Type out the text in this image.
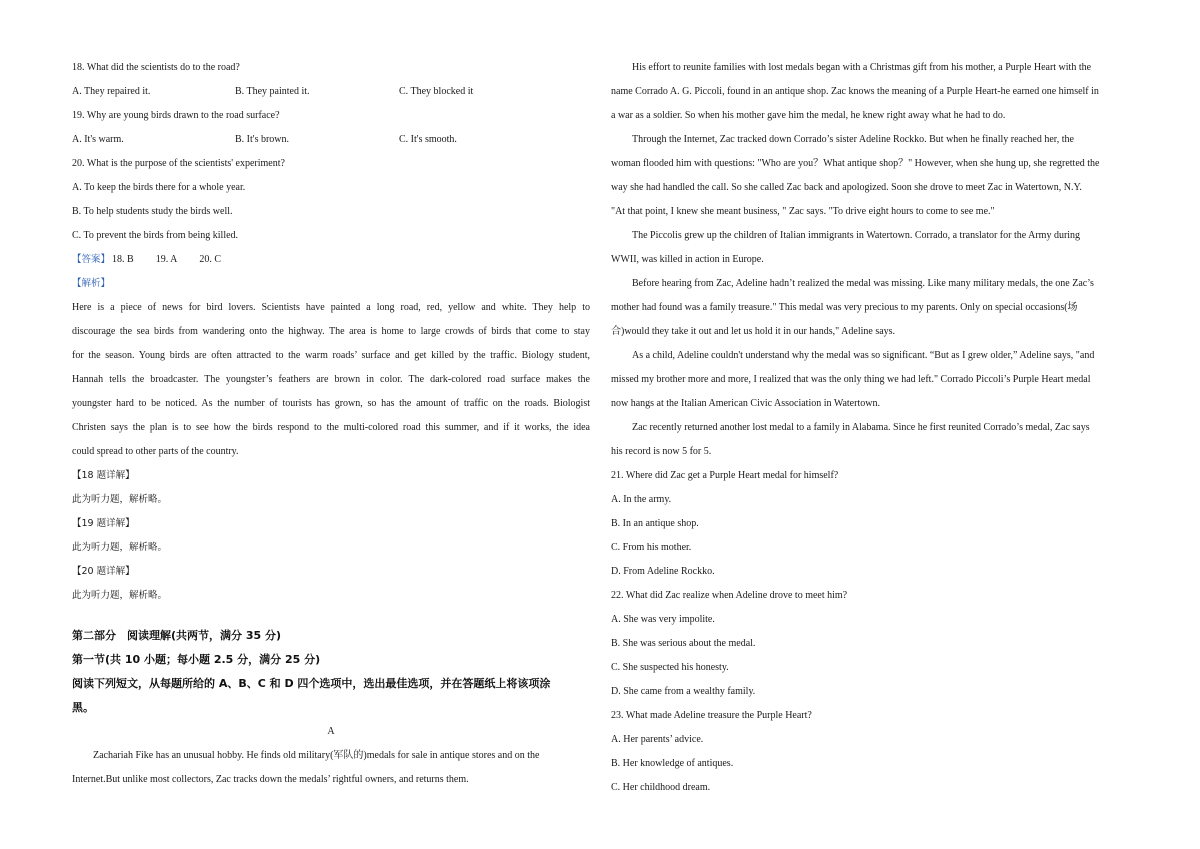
18. What did the scientists do to the road?
A. They repaired it.	B. They painted it.	C. They blocked it
19. Why are young birds drawn to the road surface?
A. It's warm.	B. It's brown.	C. It's smooth.
20. What is the purpose of the scientists' experiment?
A. To keep the birds there for a whole year.
B. To help students study the birds well.
C. To prevent the birds from being killed.
【答案】 18. B 19. A 20. C
【解析】
Here is a piece of news for bird lovers. Scientists have painted a long road, red, yellow and white. They help to
discourage the sea birds from wandering onto the highway. The area is home to large crowds of birds that come to stay
for the season. Young birds are often attracted to the warm roads’ surface and get killed by the traffic. Biology student,
Hannah tells the broadcaster. The youngster’s feathers are brown in color. The dark-colored road surface makes the
youngster hard to be noticed. As the number of tourists has grown, so has the amount of traffic on the roads. Biologist
Christen says the plan is to see how the birds respond to the multi-colored road this summer, and if it works, the idea
could spread to other parts of the country.
【18 题详解】
此为听力题，解析略。
【19 题详解】
此为听力题，解析略。
【20 题详解】
此为听力题，解析略。
第二部分　阅读理解(共两节，满分 35 分)
第一节(共 10 小题；每小题 2.5 分，满分 25 分)
阅读下列短文，从每题所给的 A、B、C 和 D 四个选项中，选出最佳选项，并在答题纸上将该项涂
黑。
A
Zachariah Fike has an unusual hobby. He finds old military(军队的)medals for sale in antique stores and on the
Internet.But unlike most collectors, Zac tracks down the medals’ rightful owners, and returns them.
His effort to reunite families with lost medals began with a Christmas gift from his mother, a Purple Heart with the
name Corrado A. G. Piccoli, found in an antique shop. Zac knows the meaning of a Purple Heart-he earned one himself in
a war as a soldier. So when his mother gave him the medal, he knew right away what he had to do.
Through the Internet, Zac tracked down Corrado’s sister Adeline Rockko. But when he finally reached her, the
woman flooded him with questions: "Who are you？What antique shop？" However, when she hung up, she regretted the
way she had handled the call. So she called Zac back and apologized. Soon she drove to meet Zac in Watertown, N.Y.
"At that point, I knew she meant business, " Zac says. "To drive eight hours to come to see me."
The Piccolis grew up the children of Italian immigrants in Watertown. Corrado, a translator for the Army during
WWII, was killed in action in Europe.
Before hearing from Zac, Adeline hadn’t realized the medal was missing. Like many military medals, the one Zac’s
mother had found was a family treasure." This medal was very precious to my parents. Only on special occasions(场
合)would they take it out and let us hold it in our hands," Adeline says.
As a child, Adeline couldn't understand why the medal was so significant. “But as I grew older,” Adeline says, "and
missed my brother more and more, I realized that was the only thing we had left." Corrado Piccoli’s Purple Heart medal
now hangs at the Italian American Civic Association in Watertown.
Zac recently returned another lost medal to a family in Alabama. Since he first reunited Corrado’s medal, Zac says
his record is now 5 for 5.
21. Where did Zac get a Purple Heart medal for himself?
A. In the army.
B. In an antique shop.
C. From his mother.
D. From Adeline Rockko.
22. What did Zac realize when Adeline drove to meet him?
A. She was very impolite.
B. She was serious about the medal.
C. She suspected his honesty.
D. She came from a wealthy family.
23. What made Adeline treasure the Purple Heart?
A. Her parents’ advice.
B. Her knowledge of antiques.
C. Her childhood dream.
